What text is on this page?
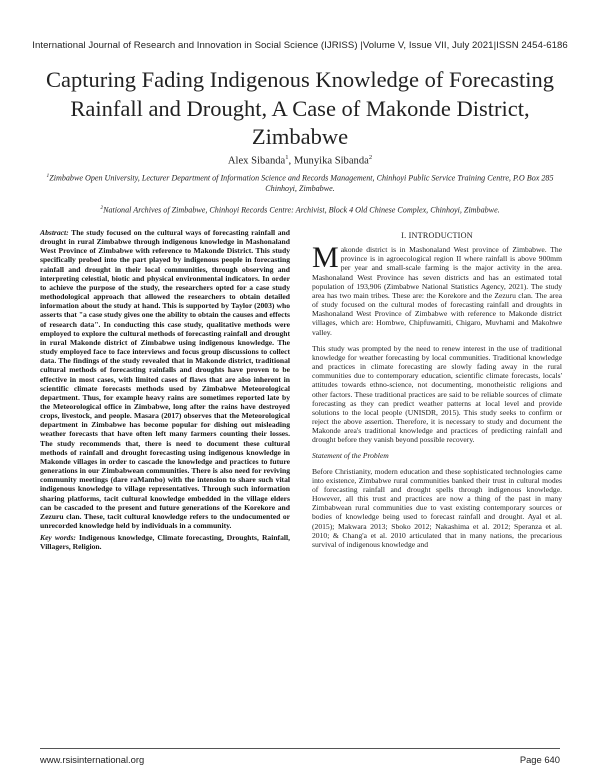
International Journal of Research and Innovation in Social Science (IJRISS) |Volume V, Issue VII, July 2021|ISSN 2454-6186
Capturing Fading Indigenous Knowledge of Forecasting Rainfall and Drought, A Case of Makonde District, Zimbabwe
Alex Sibanda$^1$, Munyika Sibanda$^2$
$^1$Zimbabwe Open University, Lecturer Department of Information Science and Records Management, Chinhoyi Public Service Training Centre, P.O Box 285 Chinhoyi, Zimbabwe.
$^2$National Archives of Zimbabwe, Chinhoyi Records Centre: Archivist, Block 4 Old Chinese Complex, Chinhoyi, Zimbabwe.

Abstract: The study focused on the cultural ways of forecasting rainfall and drought in rural Zimbabwe through indigenous knowledge in Mashonaland West Province of Zimbabwe with reference to Makonde District. This study specifically probed into the part played by indigenous people in forecasting rainfall and drought in their local communities, through observing and interpreting celestial, biotic and physical environmental indicators. In order to achieve the purpose of the study, the researchers opted for a case study methodological approach that allowed the researchers to obtain detailed information about the study at hand. This is supported by Taylor (2003) who asserts that "a case study gives one the ability to obtain the causes and effects of research data". In conducting this case study, qualitative methods were employed to explore the cultural methods of forecasting rainfall and drought in rural Makonde district of Zimbabwe using indigenous knowledge. The study employed face to face interviews and focus group discussions to collect data. The findings of the study revealed that in Makonde district, traditional cultural methods of forecasting rainfalls and droughts have proven to be effective in most cases, with limited cases of flaws that are also inherent in scientific climate forecasts methods used by Zimbabwe Meteorological department. Thus, for example heavy rains are sometimes reported late by the Meteorological office in Zimbabwe, long after the rains have destroyed crops, livestock, and people. Masara (2017) observes that the Meteorological department in Zimbabwe has become popular for dishing out misleading weather forecasts that have often left many farmers counting their losses. The study recommends that, there is need to document these cultural methods of rainfall and drought forecasting using indigenous knowledge in Makonde villages in order to cascade the knowledge and practices to future generations in our Zimbabwean communities. There is also need for reviving community meetings (dare raMambo) with the intension to share such vital indigenous knowledge to village representatives. Through such information sharing platforms, tacit cultural knowledge embedded in the village elders can be cascaded to the present and future generations of the Korekore and Zezuru clan. These, tacit cultural knowledge refers to the undocumented or unrecorded knowledge held by individuals in a community.

Key words: Indigenous knowledge, Climate forecasting, Droughts, Rainfall, Villagers, Religion.

I. INTRODUCTION

Makonde district is in Mashonaland West province of Zimbabwe. The province is in agroecological region II where rainfall is above 900mm per year and small-scale farming is the major activity in the area. Mashonaland West Province has seven districts and has an estimated total population of 193,906 (Zimbabwe National Statistics Agency, 2021). The study area has two main tribes. These are: the Korekore and the Zezuru clan. The area of study focused on the cultural modes of forecasting rainfall and droughts in Mashonaland West Province of Zimbabwe with reference to Makonde district villages, which are: Hombwe, Chipfuwamiti, Chigaro, Muvhami and Makohwe valley.

This study was prompted by the need to renew interest in the use of traditional knowledge for weather forecasting by local communities. Traditional knowledge and practices in climate forecasting are slowly fading away in the rural communities due to contemporary education, scientific climate forecasts, locals' attitudes towards ethno-science, not documenting, monotheistic religions and other factors. These traditional practices are said to be reliable sources of climate forecasting as they can predict weather patterns at local level and provide solutions to the local people (UNISDR, 2015). This study seeks to confirm or reject the above assertion. Therefore, it is necessary to study and document the Makonde area's traditional knowledge and practices of predicting rainfall and drought before they vanish beyond possible recovery.

Statement of the Problem

Before Christianity, modern education and these sophisticated technologies came into existence, Zimbabwe rural communities banked their trust in cultural modes of forecasting rainfall and drought spells through indigenous knowledge. However, all this trust and practices are now a thing of the past in many Zimbabwean rural communities due to vast existing contemporary sources or bodies of knowledge being used to forecast rainfall and drought. Ayal et al. (2015); Makwara 2013; Sboko 2012; Nakashima et al. 2012; Speranza et al. 2010; & Chang'a et al. 2010 articulated that in many nations, the precarious survival of indigenous knowledge and

www.rsisinternational.org	Page 640
